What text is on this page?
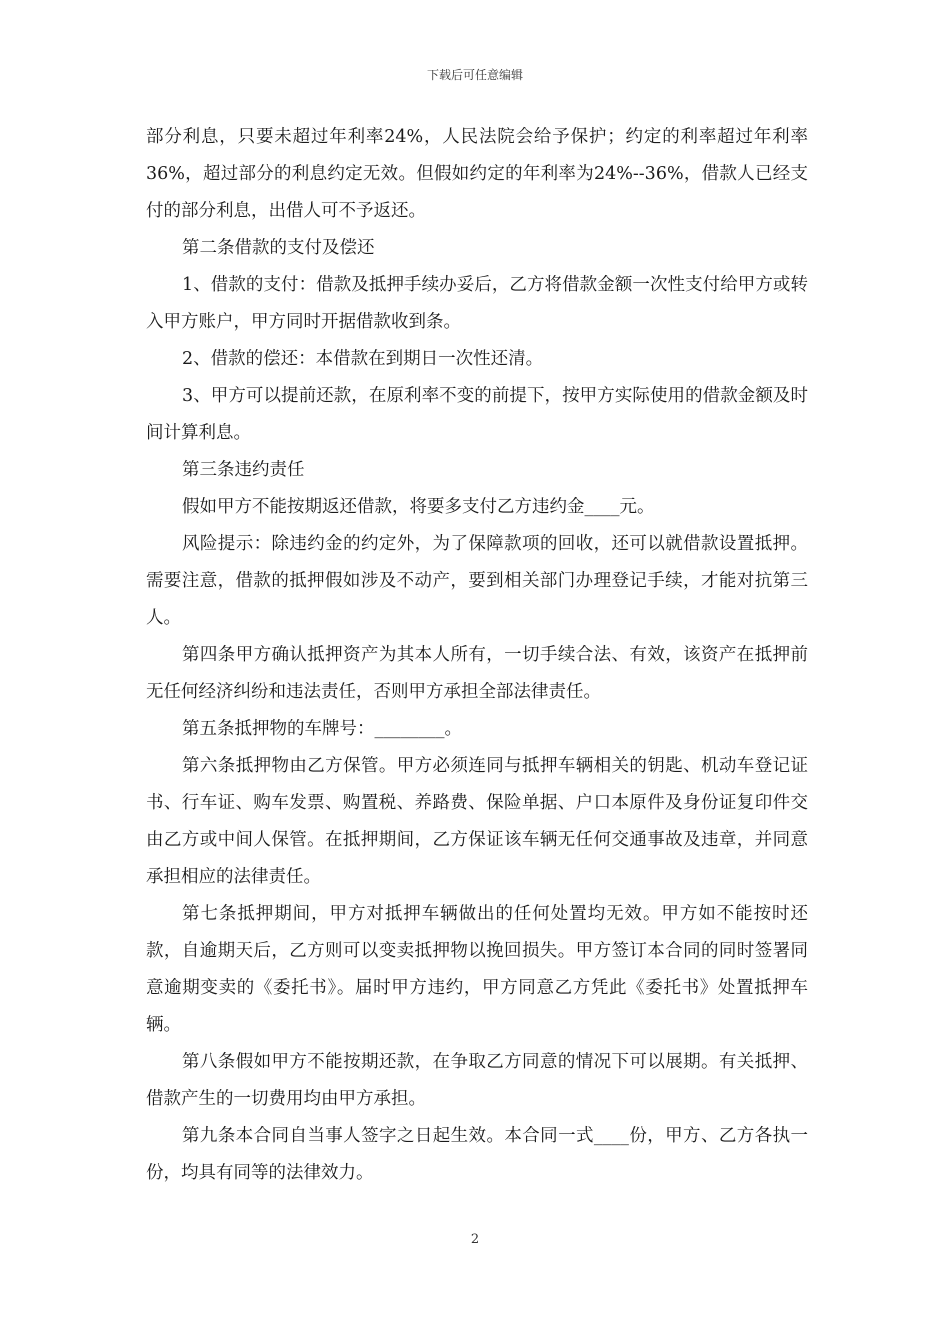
下载后可任意编辑

部分利息，只要未超过年利率24%，人民法院会给予保护；约定的利率超过年利率36%，超过部分的利息约定无效。但假如约定的年利率为24%--36%，借款人已经支付的部分利息，出借人可不予返还。

第二条借款的支付及偿还

1、借款的支付：借款及抵押手续办妥后，乙方将借款金额一次性支付给甲方或转入甲方账户，甲方同时开据借款收到条。

2、借款的偿还：本借款在到期日一次性还清。

3、甲方可以提前还款，在原利率不变的前提下，按甲方实际使用的借款金额及时间计算利息。

第三条违约责任

假如甲方不能按期返还借款，将要多支付乙方违约金____元。

风险提示：除违约金的约定外，为了保障款项的回收，还可以就借款设置抵押。需要注意，借款的抵押假如涉及不动产，要到相关部门办理登记手续，才能对抗第三人。

第四条甲方确认抵押资产为其本人所有，一切手续合法、有效，该资产在抵押前无任何经济纠纷和违法责任，否则甲方承担全部法律责任。

第五条抵押物的车牌号：________。

第六条抵押物由乙方保管。甲方必须连同与抵押车辆相关的钥匙、机动车登记证书、行车证、购车发票、购置税、养路费、保险单据、户口本原件及身份证复印件交由乙方或中间人保管。在抵押期间，乙方保证该车辆无任何交通事故及违章，并同意承担相应的法律责任。

第七条抵押期间，甲方对抵押车辆做出的任何处置均无效。甲方如不能按时还款，自逾期天后，乙方则可以变卖抵押物以挽回损失。甲方签订本合同的同时签署同意逾期变卖的《委托书》。届时甲方违约，甲方同意乙方凭此《委托书》处置抵押车辆。

第八条假如甲方不能按期还款，在争取乙方同意的情况下可以展期。有关抵押、借款产生的一切费用均由甲方承担。

第九条本合同自当事人签字之日起生效。本合同一式____份，甲方、乙方各执一份，均具有同等的法律效力。

2
